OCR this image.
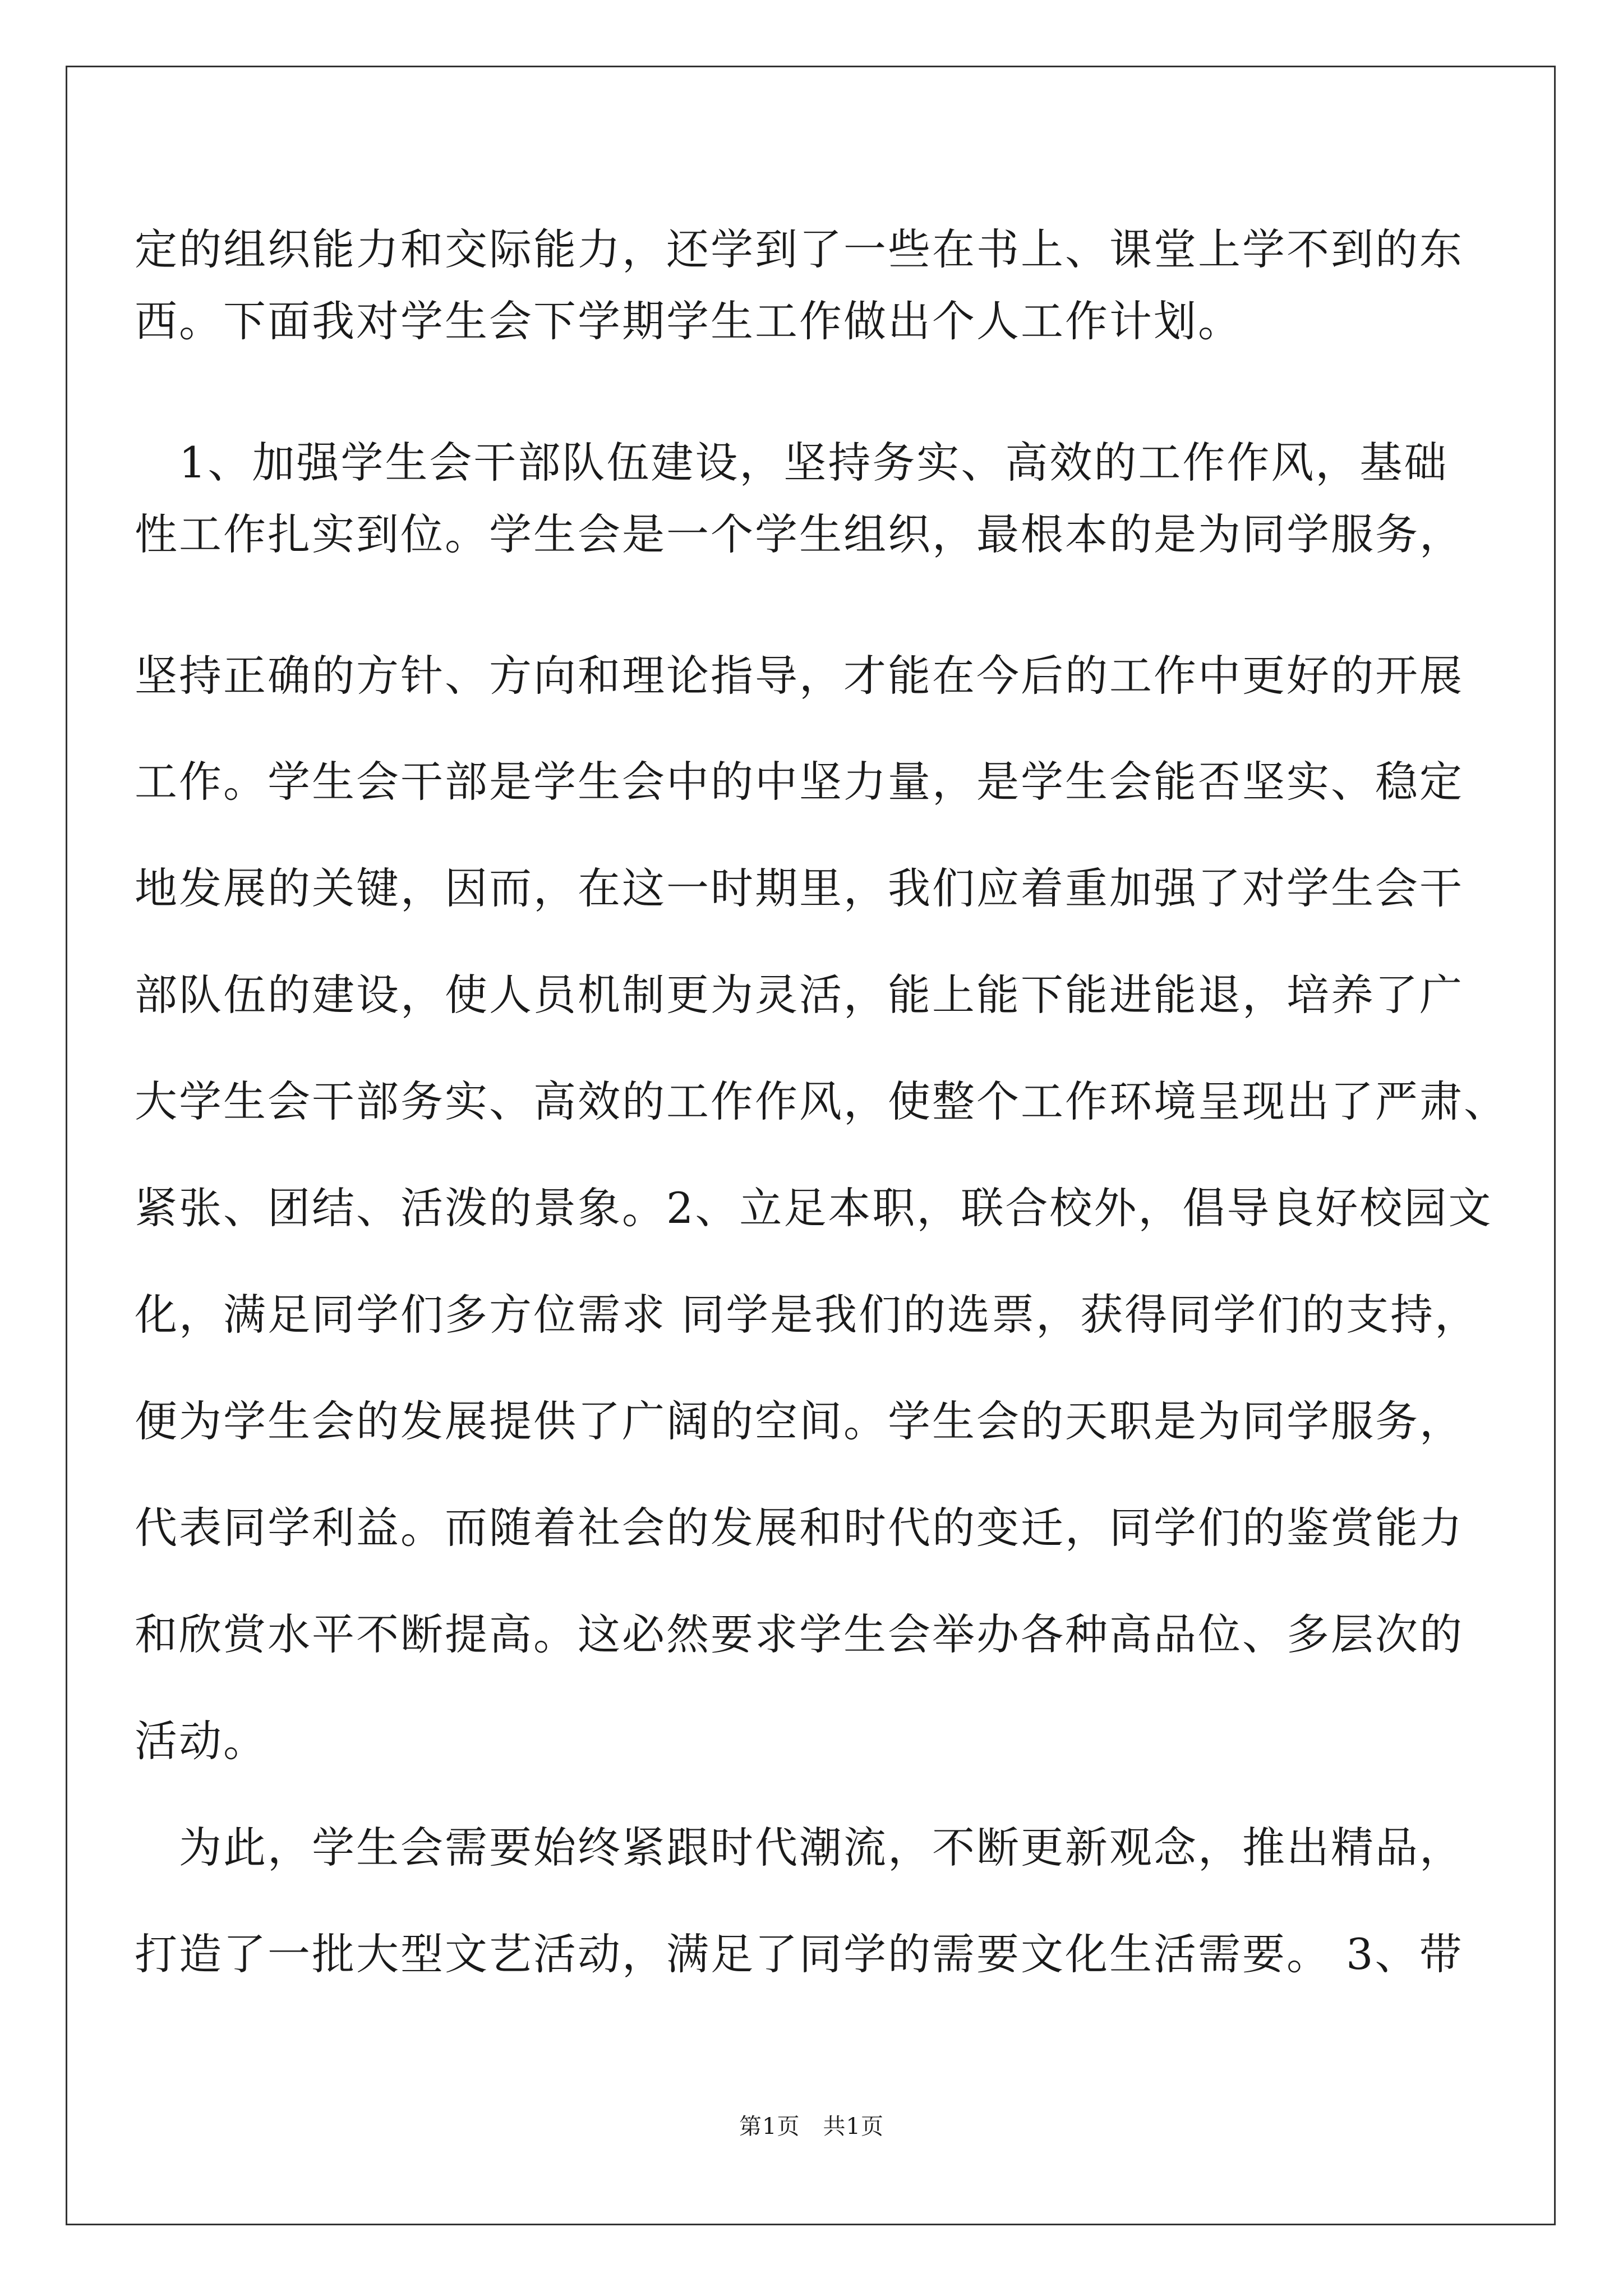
定的组织能力和交际能力，还学到了一些在书上、课堂上学不到的东
西。下面我对学生会下学期学生工作做出个人工作计划。
　1、加强学生会干部队伍建设，坚持务实、高效的工作作风，基础
性工作扎实到位。学生会是一个学生组织，最根本的是为同学服务，
坚持正确的方针、方向和理论指导，才能在今后的工作中更好的开展
工作。学生会干部是学生会中的中坚力量，是学生会能否坚实、稳定
地发展的关键，因而，在这一时期里，我们应着重加强了对学生会干
部队伍的建设，使人员机制更为灵活，能上能下能进能退，培养了广
大学生会干部务实、高效的工作作风，使整个工作环境呈现出了严肃、
紧张、团结、活泼的景象。2、立足本职，联合校外，倡导良好校园文
化，满足同学们多方位需求 同学是我们的选票，获得同学们的支持，
便为学生会的发展提供了广阔的空间。学生会的天职是为同学服务，
代表同学利益。而随着社会的发展和时代的变迁，同学们的鉴赏能力
和欣赏水平不断提高。这必然要求学生会举办各种高品位、多层次的
活动。
　为此，学生会需要始终紧跟时代潮流，不断更新观念，推出精品，
打造了一批大型文艺活动，满足了同学的需要文化生活需要。 3、带
第1页　共1页
